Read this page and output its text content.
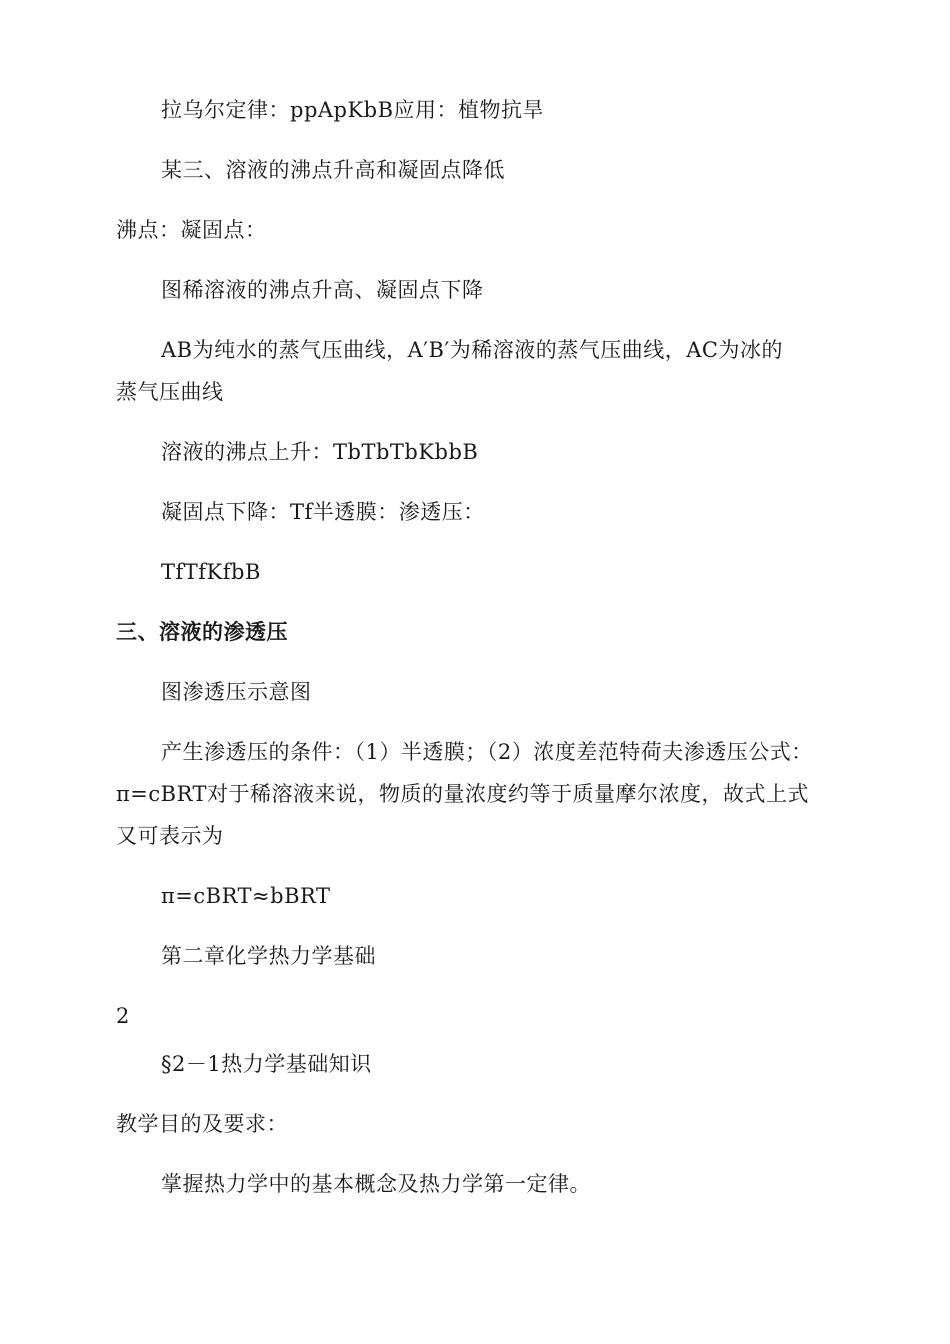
拉乌尔定律：ppApKbB应用：植物抗旱
某三、溶液的沸点升高和凝固点降低
沸点：凝固点：
图稀溶液的沸点升高、凝固点下降
AB为纯水的蒸气压曲线，A′B′为稀溶液的蒸气压曲线，AC为冰的
蒸气压曲线
溶液的沸点上升：TbTbTbKbbB
凝固点下降：Tf半透膜：渗透压：
TfTfKfbB
三、溶液的渗透压
图渗透压示意图
产生渗透压的条件：（1）半透膜；（2）浓度差范特荷夫渗透压公式：
π=cBRT对于稀溶液来说，物质的量浓度约等于质量摩尔浓度，故式上式
又可表示为
π=cBRT≈bBRT
第二章化学热力学基础
2
§2－1热力学基础知识
教学目的及要求：
掌握热力学中的基本概念及热力学第一定律。
